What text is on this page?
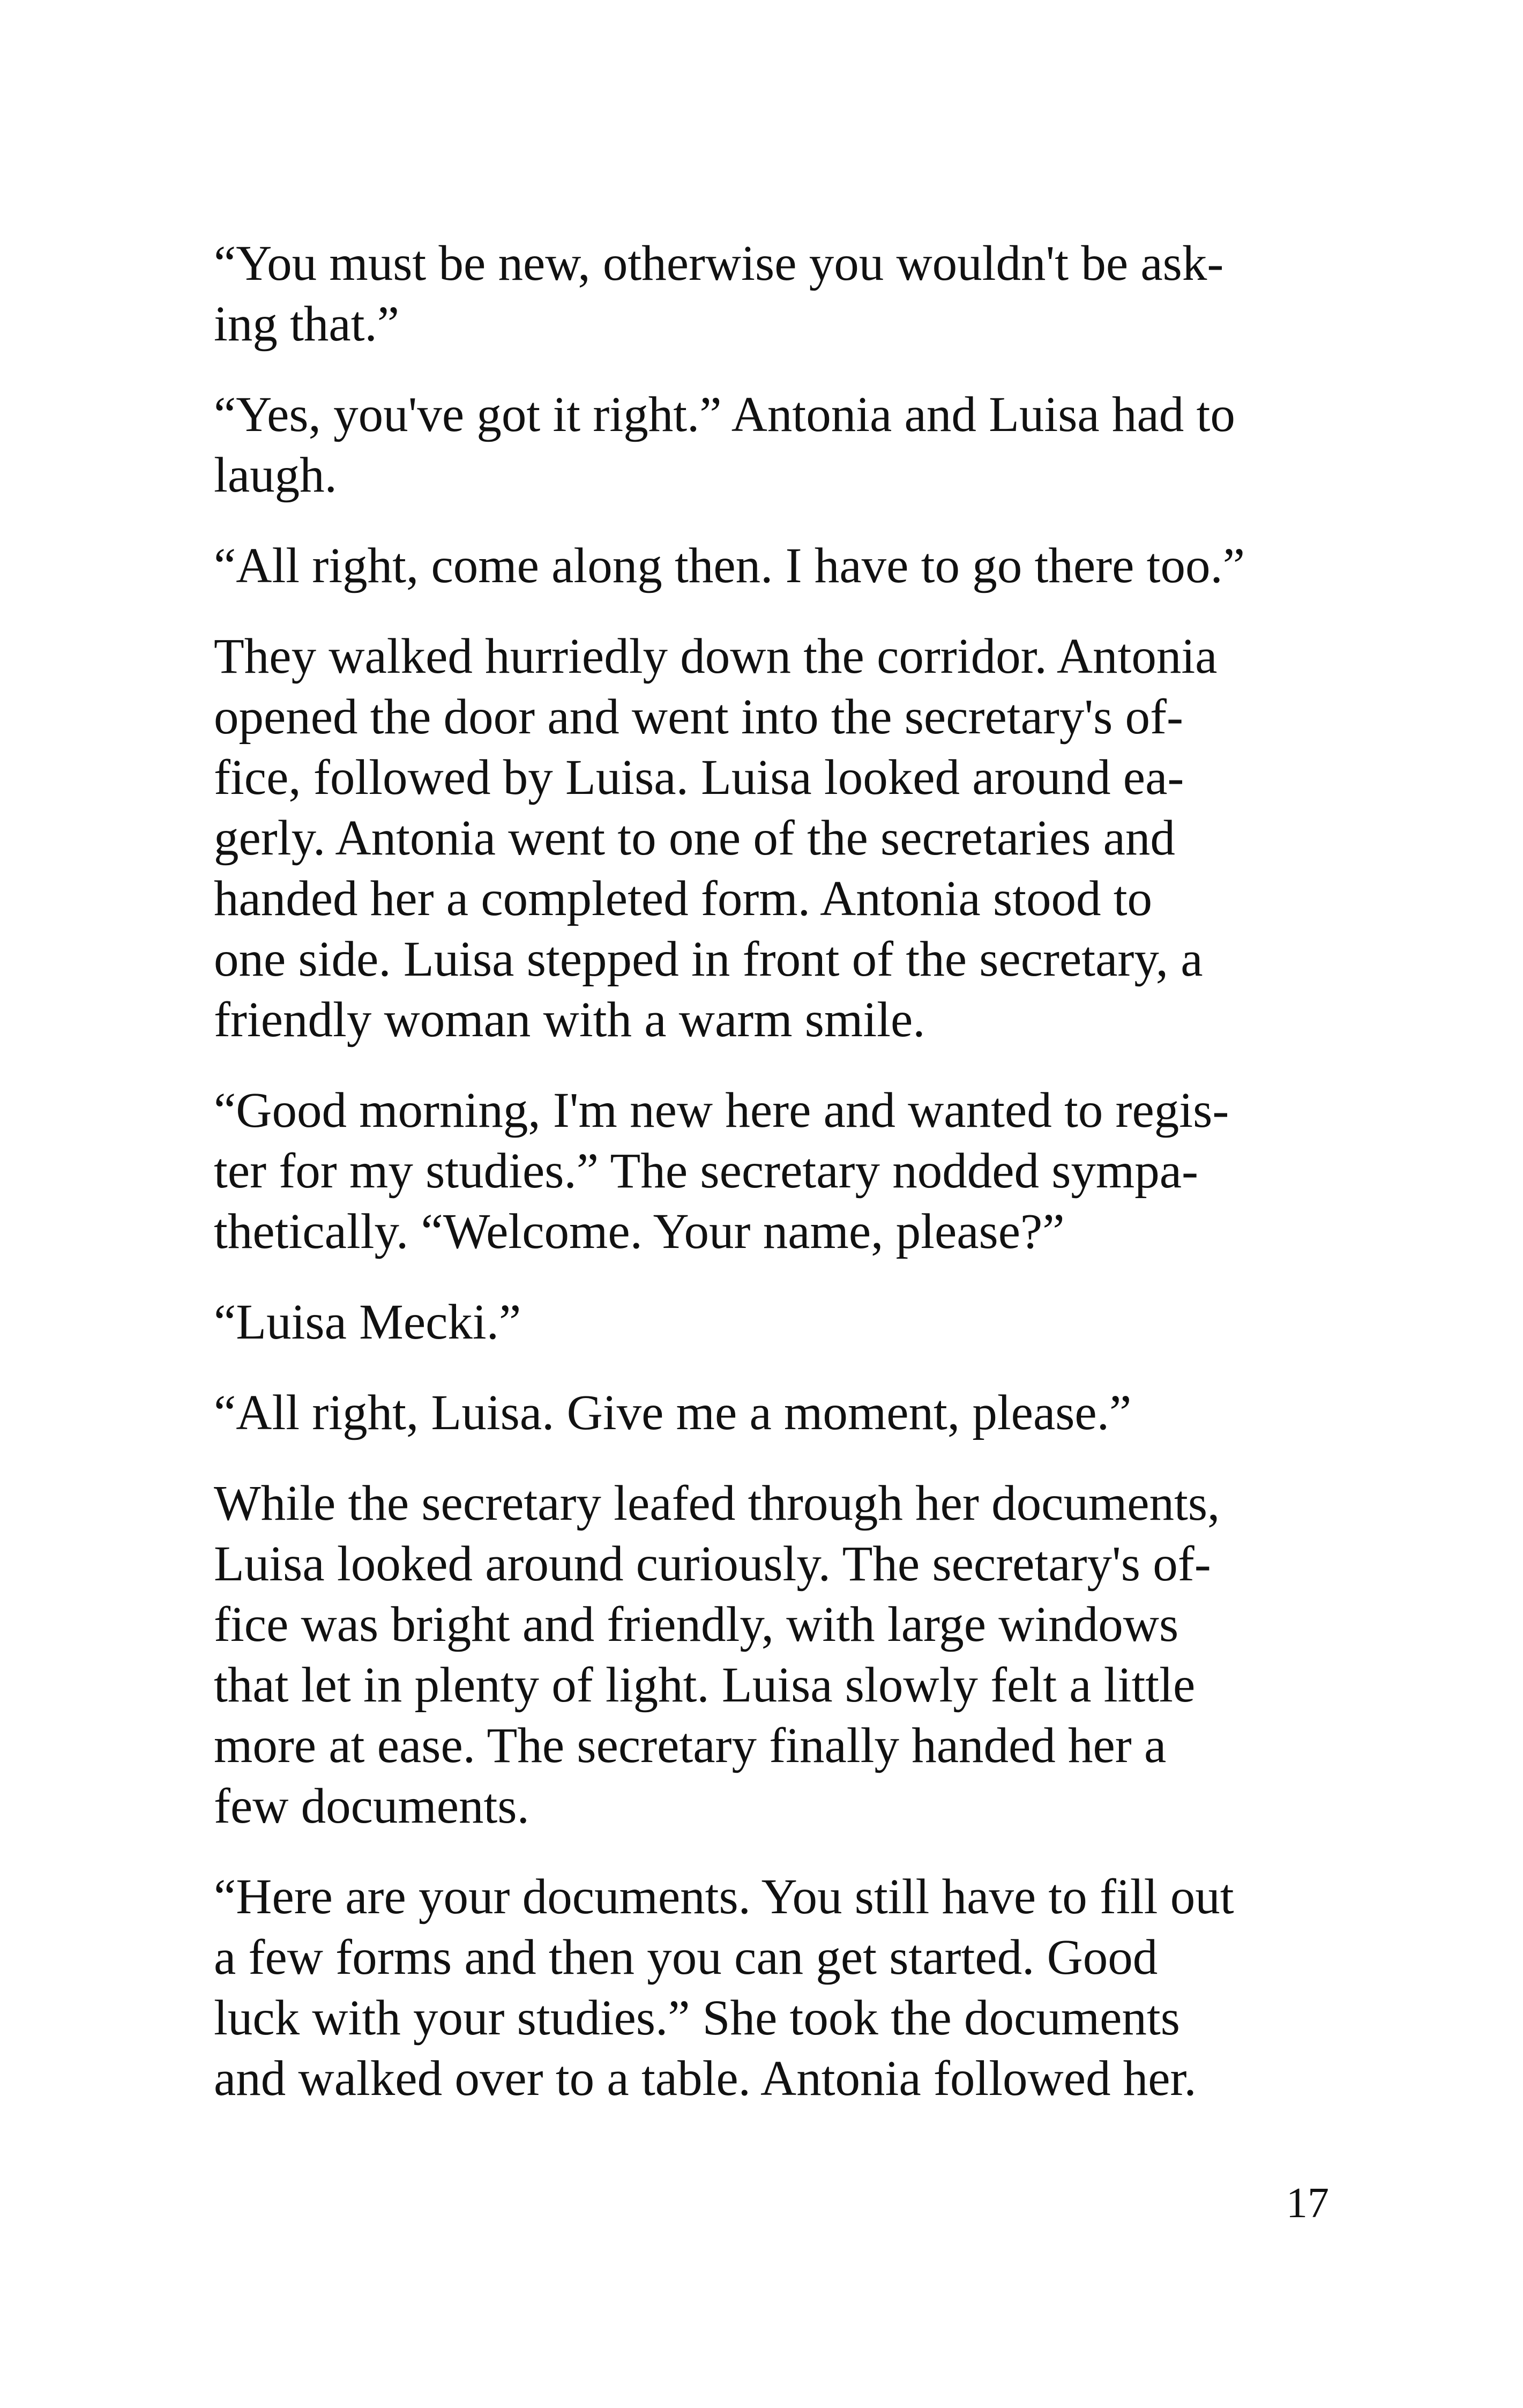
“You must be new, otherwise you wouldn't be ask-
ing that.”

“Yes, you've got it right.” Antonia and Luisa had to
laugh.

“All right, come along then. I have to go there too.”

They walked hurriedly down the corridor. Antonia
opened the door and went into the secretary's of-
fice, followed by Luisa. Luisa looked around ea-
gerly. Antonia went to one of the secretaries and
handed her a completed form. Antonia stood to
one side. Luisa stepped in front of the secretary, a
friendly woman with a warm smile.

“Good morning, I'm new here and wanted to regis-
ter for my studies.” The secretary nodded sympa-
thetically. “Welcome. Your name, please?”

“Luisa Mecki.”

“All right, Luisa. Give me a moment, please.”

While the secretary leafed through her documents,
Luisa looked around curiously. The secretary's of-
fice was bright and friendly, with large windows
that let in plenty of light. Luisa slowly felt a little
more at ease. The secretary finally handed her a
few documents.

“Here are your documents. You still have to fill out
a few forms and then you can get started. Good
luck with your studies.” She took the documents
and walked over to a table. Antonia followed her.

17
